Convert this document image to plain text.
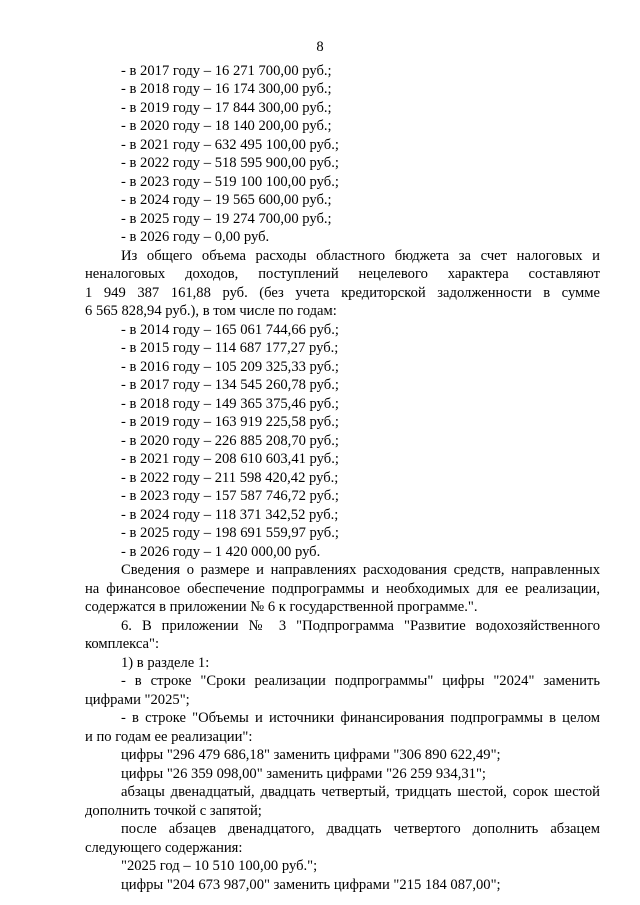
8

- в 2017 году – 16 271 700,00 руб.;

- в 2018 году – 16 174 300,00 руб.;

- в 2019 году – 17 844 300,00 руб.;

- в 2020 году – 18 140 200,00 руб.;

- в 2021 году – 632 495 100,00 руб.;

- в 2022 году – 518 595 900,00 руб.;

- в 2023 году – 519 100 100,00 руб.;

- в 2024 году – 19 565 600,00 руб.;

- в 2025 году – 19 274 700,00 руб.;

- в 2026 году – 0,00 руб.

Из общего объема расходы областного бюджета за счет налоговых и

неналоговых доходов, поступлений нецелевого характера составляют

1 949 387 161,88 руб. (без учета кредиторской задолженности в сумме

6 565 828,94 руб.), в том числе по годам:

- в 2014 году – 165 061 744,66 руб.;

- в 2015 году – 114 687 177,27 руб.;

- в 2016 году – 105 209 325,33 руб.;

- в 2017 году – 134 545 260,78 руб.;

- в 2018 году – 149 365 375,46 руб.;

- в 2019 году – 163 919 225,58 руб.;

- в 2020 году – 226 885 208,70 руб.;

- в 2021 году – 208 610 603,41 руб.;

- в 2022 году – 211 598 420,42 руб.;

- в 2023 году – 157 587 746,72 руб.;

- в 2024 году – 118 371 342,52 руб.;

- в 2025 году – 198 691 559,97 руб.;

- в 2026 году – 1 420 000,00 руб.

Сведения о размере и направлениях расходования средств, направленных

на финансовое обеспечение подпрограммы и необходимых для ее реализации,

содержатся в приложении № 6 к государственной программе.".

6. В приложении № 3 "Подпрограмма "Развитие водохозяйственного

комплекса":

1) в разделе 1:

- в строке "Сроки реализации подпрограммы" цифры "2024" заменить

цифрами "2025";

- в строке "Объемы и источники финансирования подпрограммы в целом

и по годам ее реализации":

цифры "296 479 686,18" заменить цифрами "306 890 622,49";

цифры "26 359 098,00" заменить цифрами "26 259 934,31";

абзацы двенадцатый, двадцать четвертый, тридцать шестой, сорок шестой

дополнить точкой с запятой;

после абзацев двенадцатого, двадцать четвертого дополнить абзацем

следующего содержания:

"2025 год – 10 510 100,00 руб.";

цифры "204 673 987,00" заменить цифрами "215 184 087,00";
